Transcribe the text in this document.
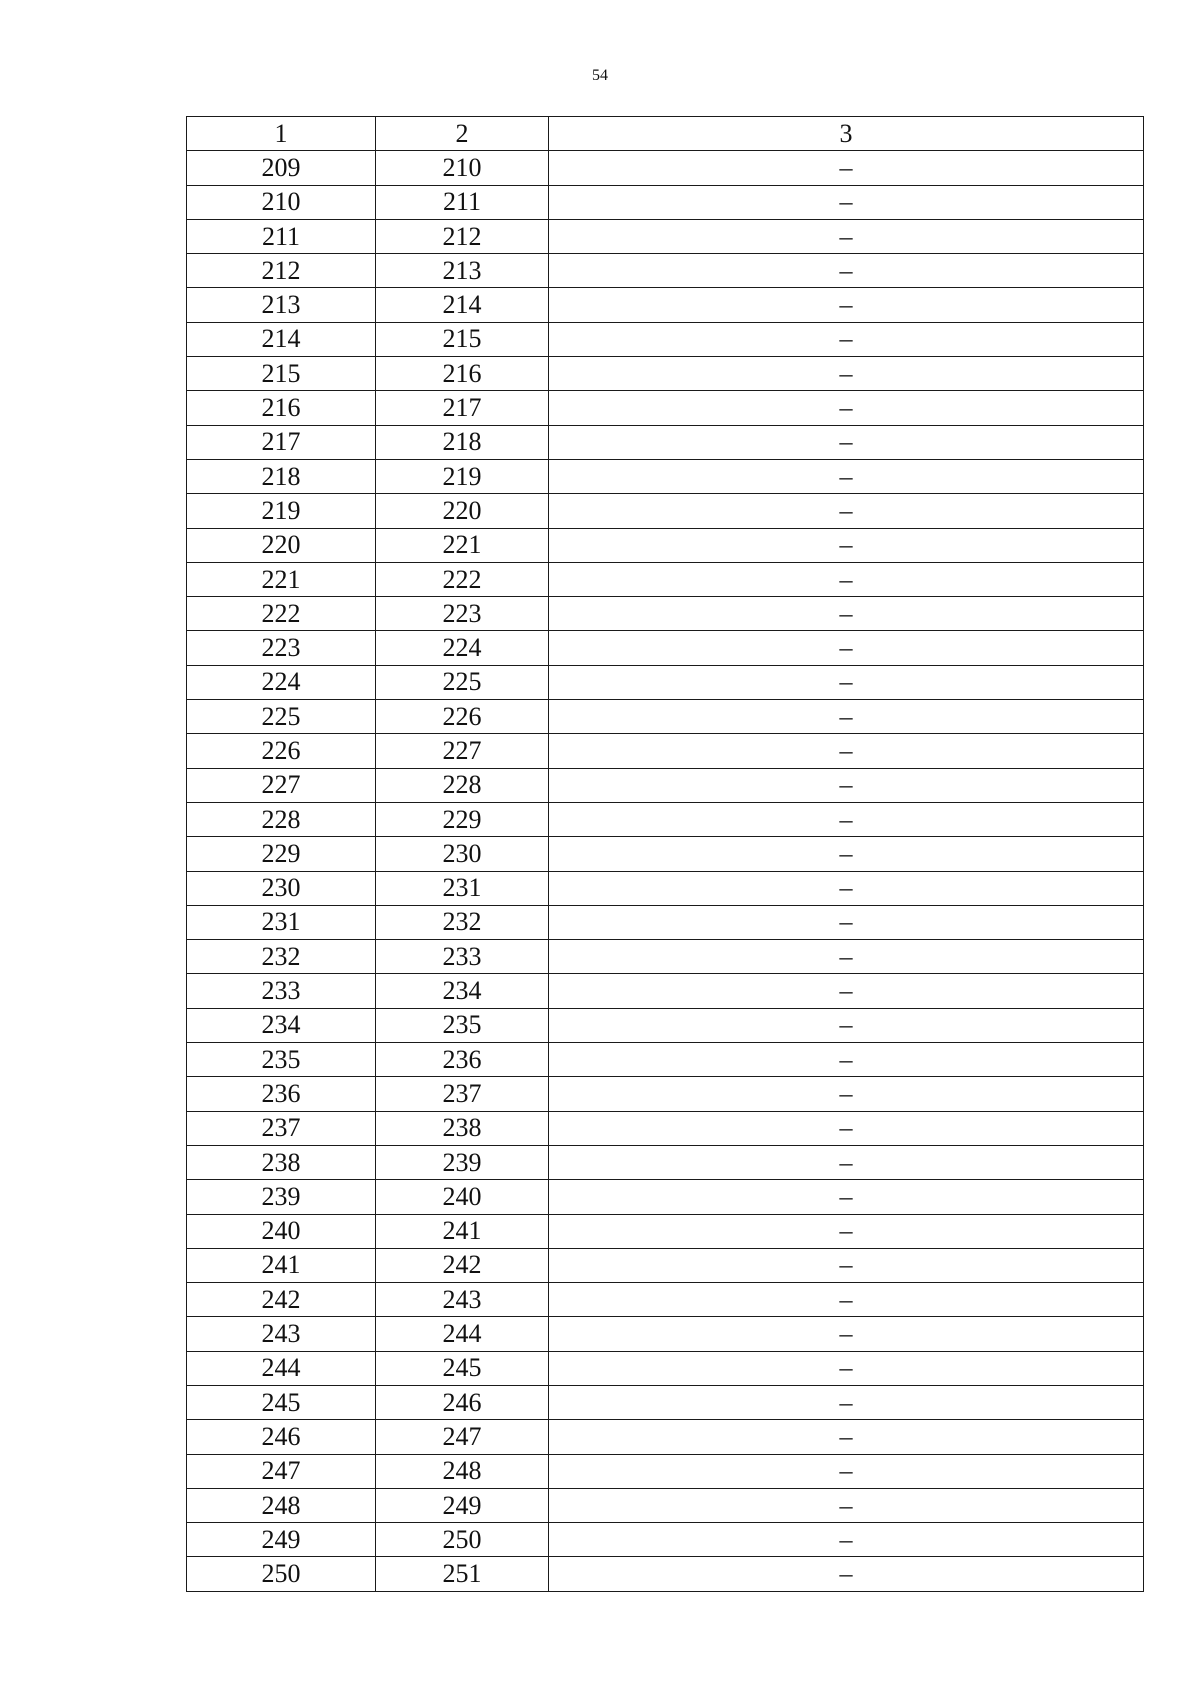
54
1	2	3
209	210	–
210	211	–
211	212	–
212	213	–
213	214	–
214	215	–
215	216	–
216	217	–
217	218	–
218	219	–
219	220	–
220	221	–
221	222	–
222	223	–
223	224	–
224	225	–
225	226	–
226	227	–
227	228	–
228	229	–
229	230	–
230	231	–
231	232	–
232	233	–
233	234	–
234	235	–
235	236	–
236	237	–
237	238	–
238	239	–
239	240	–
240	241	–
241	242	–
242	243	–
243	244	–
244	245	–
245	246	–
246	247	–
247	248	–
248	249	–
249	250	–
250	251	–
